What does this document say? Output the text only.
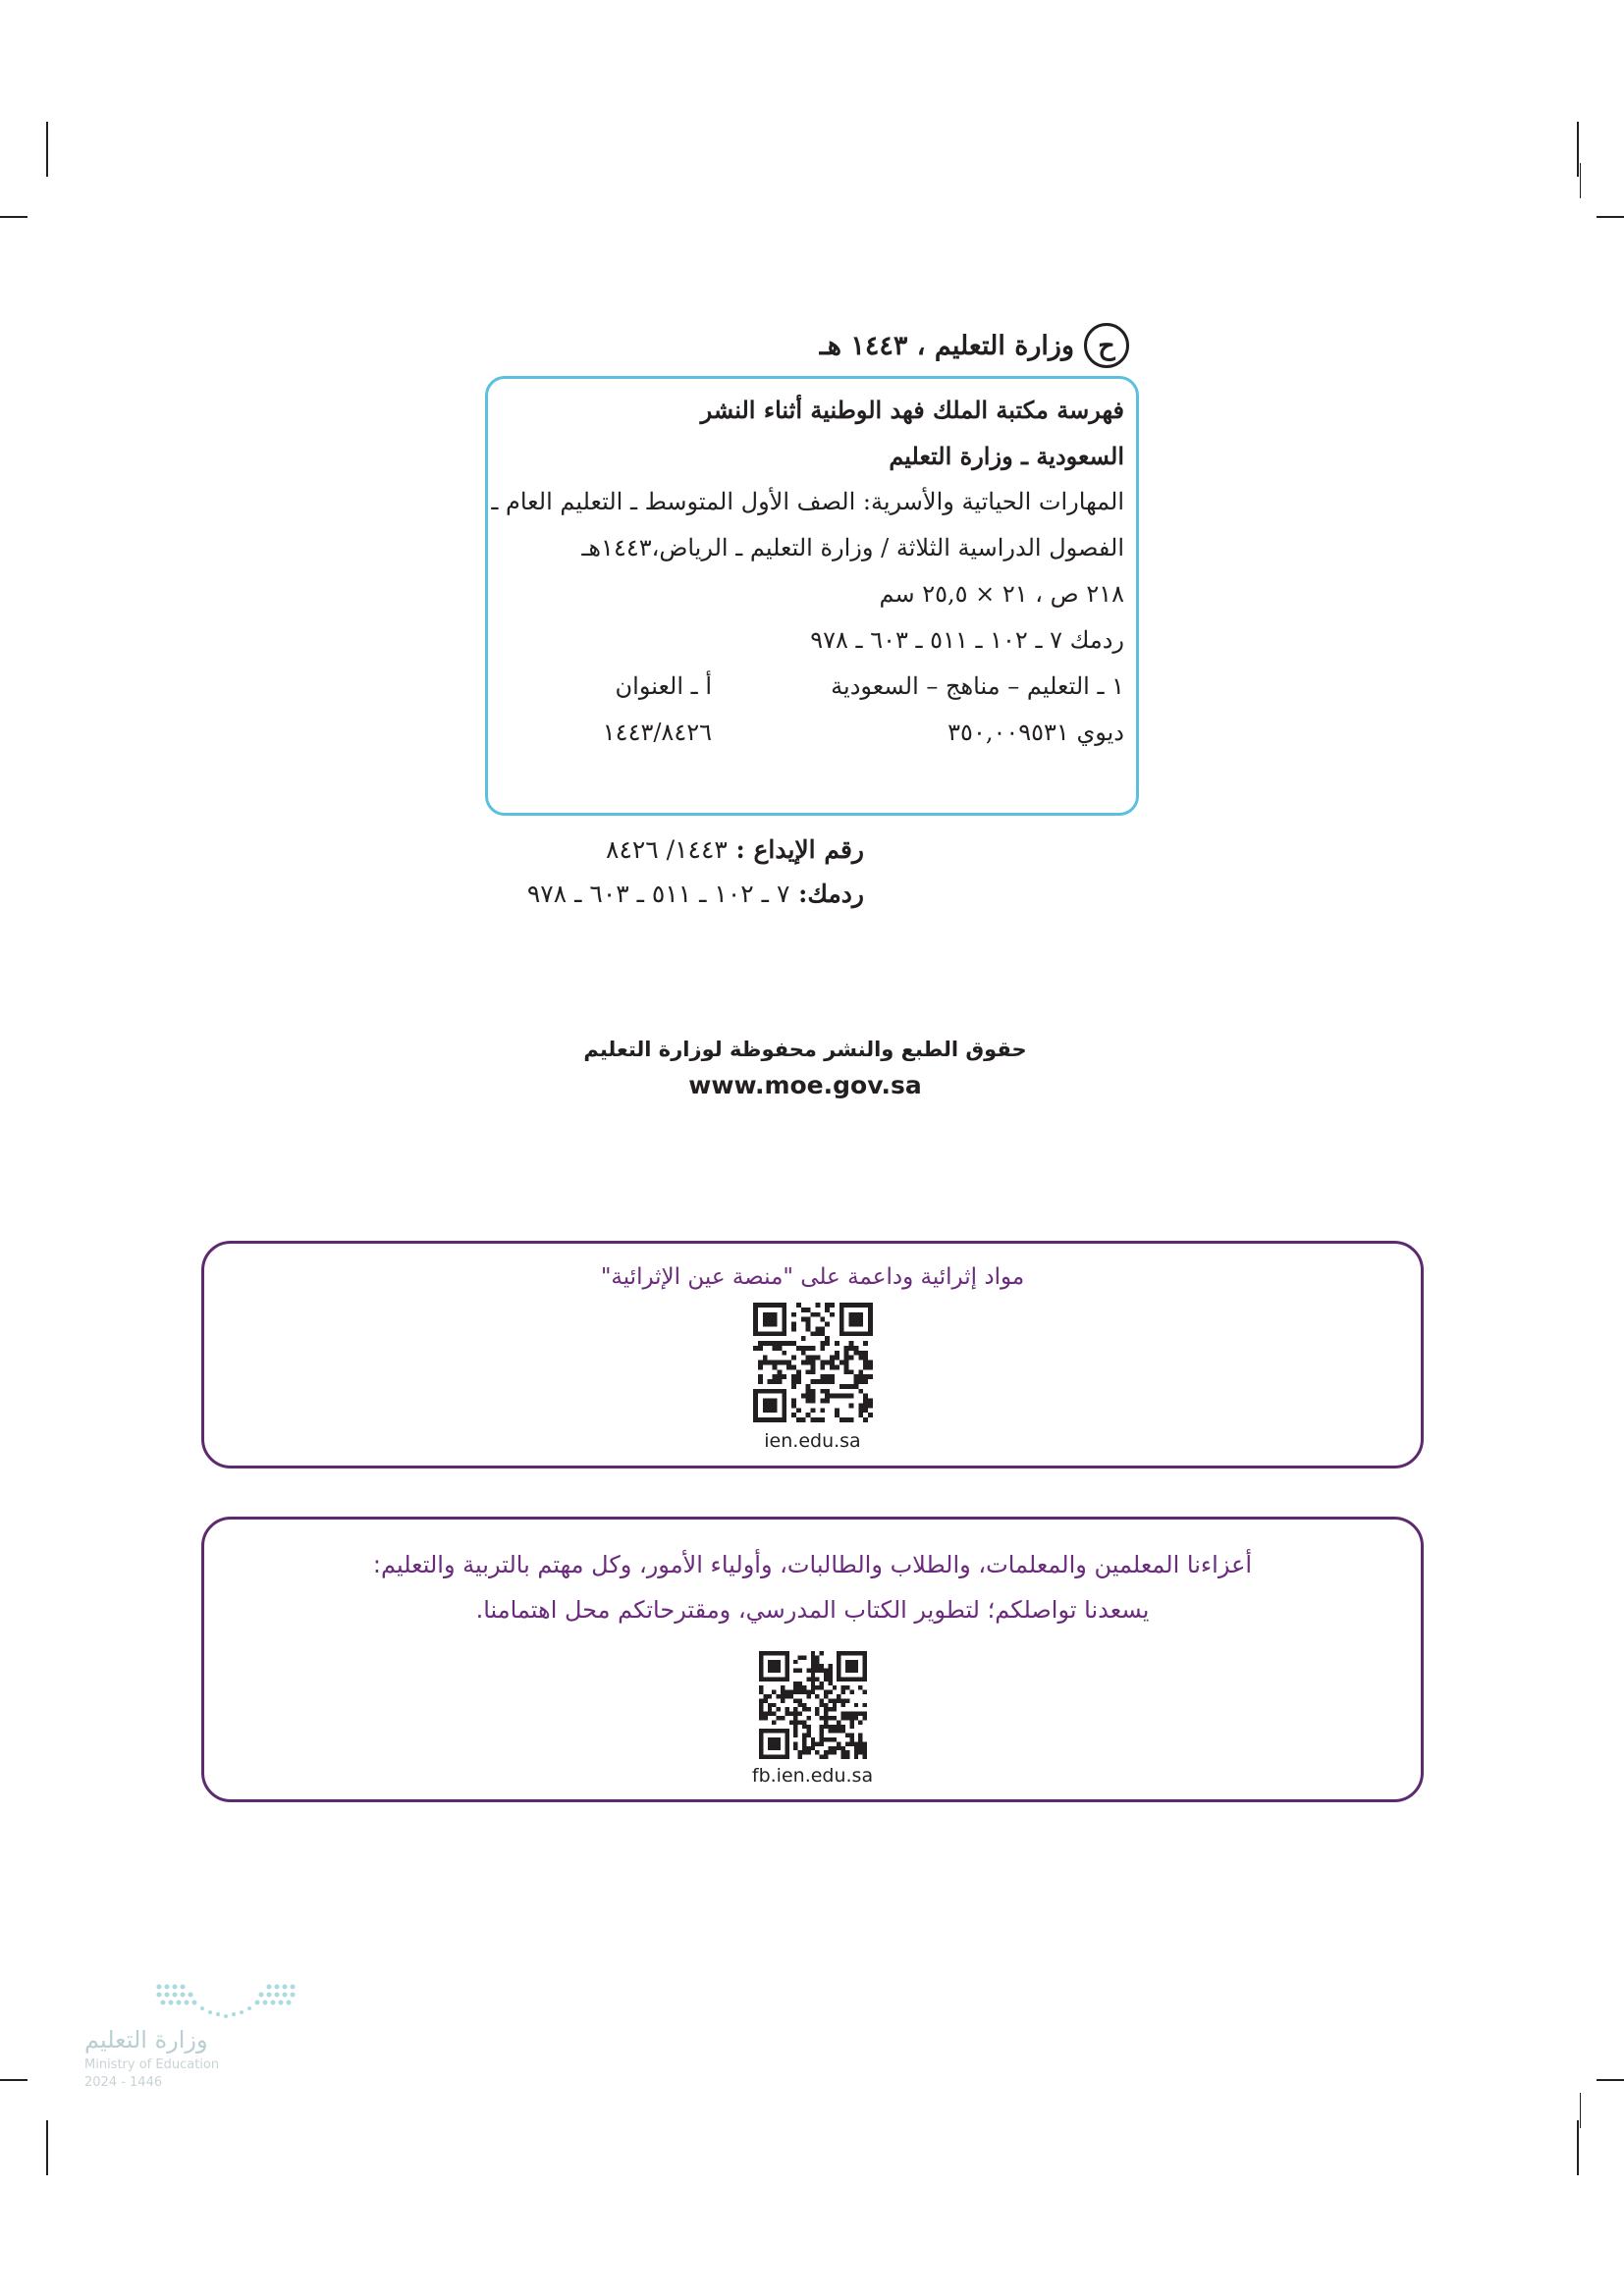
ح
وزارة التعليم ، ١٤٤٣ هـ
فهرسة مكتبة الملك فهد الوطنية أثناء النشر
السعودية ـ وزارة التعليم
المهارات الحياتية والأسرية: الصف الأول المتوسط ـ التعليم العام ـ
الفصول الدراسية الثلاثة / وزارة التعليم ـ الرياض،١٤٤٣هـ
٢١٨ ص ، ٢١ × ٢٥,٥ سم
ردمك ٧ ـ ١٠٢ ـ ٥١١ ـ ٦٠٣ ـ ٩٧٨
١ ـ التعليم – مناهج – السعودية
أ ـ العنوان
ديوي ٣٥٠,٠٠٩٥٣١
١٤٤٣/٨٤٢٦
رقم الإيداع : ١٤٤٣/ ٨٤٢٦
ردمك: ٧ ـ ١٠٢ ـ ٥١١ ـ ٦٠٣ ـ ٩٧٨
حقوق الطبع والنشر محفوظة لوزارة التعليم
www.moe.gov.sa
مواد إثرائية وداعمة على "منصة عين الإثرائية"
ien.edu.sa
أعزاءنا المعلمين والمعلمات، والطلاب والطالبات، وأولياء الأمور، وكل مهتم بالتربية والتعليم:
يسعدنا تواصلكم؛ لتطوير الكتاب المدرسي، ومقترحاتكم محل اهتمامنا.
fb.ien.edu.sa
وزارة التعليم
Ministry of Education
2024 - 1446
